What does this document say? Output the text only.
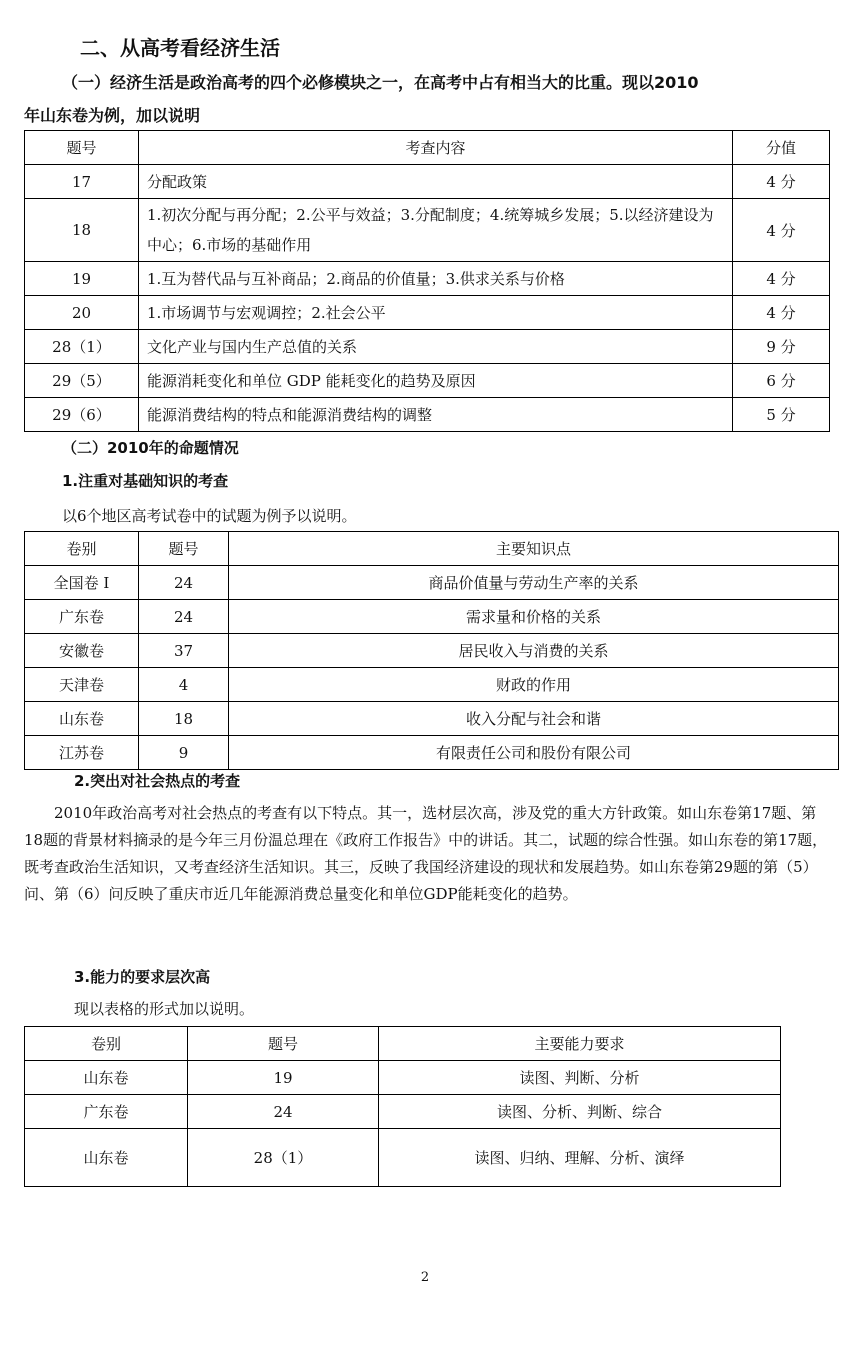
二、从高考看经济生活
（一）经济生活是政治高考的四个必修模块之一，在高考中占有相当大的比重。现以2010
年山东卷为例，加以说明
题号	考查内容	分值
17	分配政策	4 分
18	1.初次分配与再分配；2.公平与效益；3.分配制度；4.统筹城乡发展；5.以经济建设为中心；6.市场的基础作用	4 分
19	1.互为替代品与互补商品；2.商品的价值量；3.供求关系与价格	4 分
20	1.市场调节与宏观调控；2.社会公平	4 分
28（1）	文化产业与国内生产总值的关系	9 分
29（5）	能源消耗变化和单位 GDP 能耗变化的趋势及原因	6 分
29（6）	能源消费结构的特点和能源消费结构的调整	5 分
（二）2010年的命题情况
1.注重对基础知识的考查
以6个地区高考试卷中的试题为例予以说明。
卷别	题号	主要知识点
全国卷 I	24	商品价值量与劳动生产率的关系
广东卷	24	需求量和价格的关系
安徽卷	37	居民收入与消费的关系
天津卷	4	财政的作用
山东卷	18	收入分配与社会和谐
江苏卷	9	有限责任公司和股份有限公司
2.突出对社会热点的考查
2010年政治高考对社会热点的考查有以下特点。其一，选材层次高，涉及党的重大方针政策。如山东卷第17题、第18题的背景材料摘录的是今年三月份温总理在《政府工作报告》中的讲话。其二，试题的综合性强。如山东卷的第17题，既考查政治生活知识，又考查经济生活知识。其三，反映了我国经济建设的现状和发展趋势。如山东卷第29题的第（5）问、第（6）问反映了重庆市近几年能源消费总量变化和单位GDP能耗变化的趋势。
3.能力的要求层次高
现以表格的形式加以说明。
卷别	题号	主要能力要求
山东卷	19	读图、判断、分析
广东卷	24	读图、分析、判断、综合
山东卷	28（1）	读图、归纳、理解、分析、演绎
2
